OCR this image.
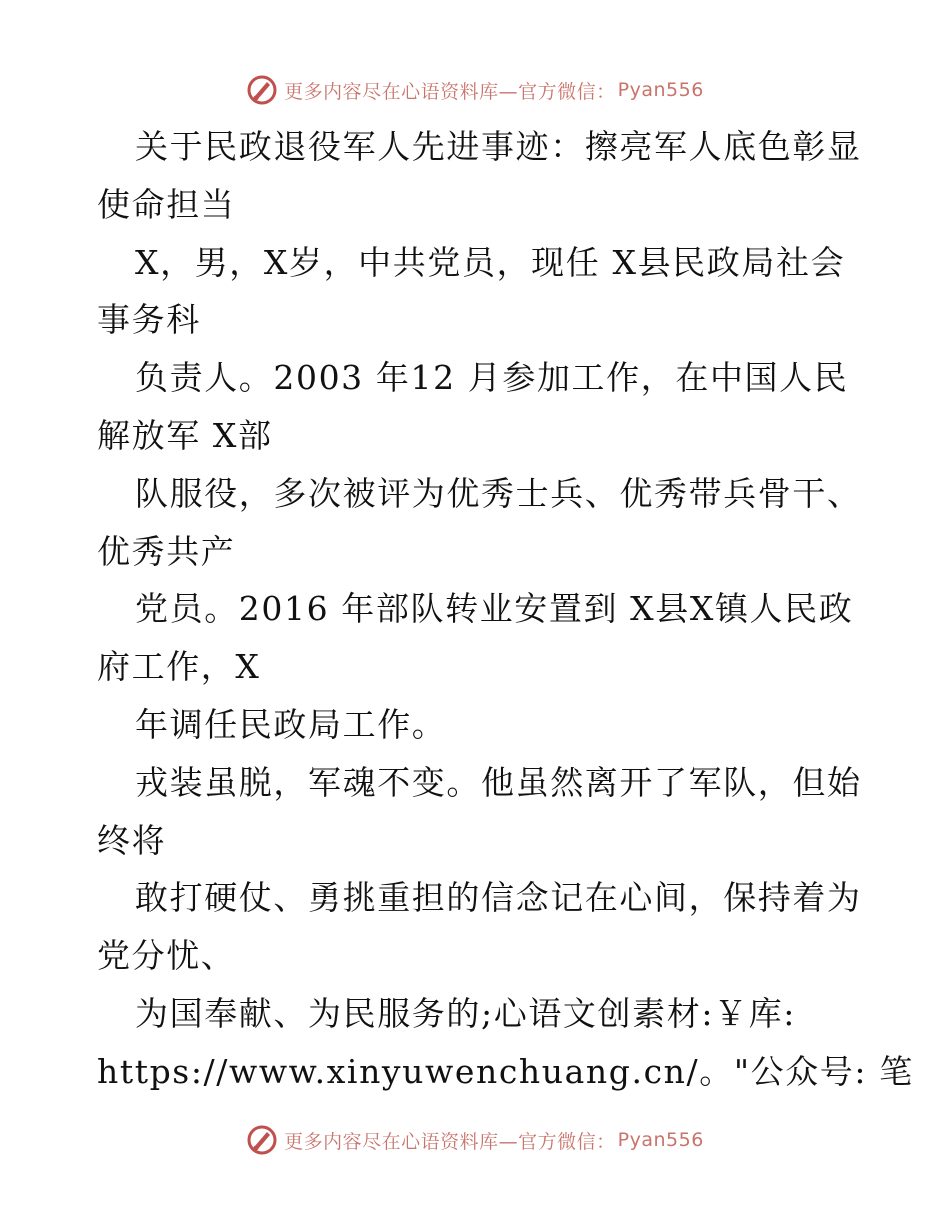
更多内容尽在心语资料库—官方微信： Pyan556
关于民政退役军人先进事迹：擦亮军人底色彰显
使命担当
X，男，X岁，中共党员，现任 X县民政局社会
事务科
负责人。2003 年12 月参加工作，在中国人民
解放军 X部
队服役，多次被评为优秀士兵、优秀带兵骨干、
优秀共产
党员。2016 年部队转业安置到 X县X镇人民政
府工作，X
年调任民政局工作。
戎装虽脱，军魂不变。他虽然离开了军队，但始
终将
敢打硬仗、勇挑重担的信念记在心间，保持着为
党分忧、
为国奉献、为民服务的;心语文创素材:￥库:
https://www.xinyuwenchuang.cn/。"公众号: 笔
更多内容尽在心语资料库—官方微信： Pyan556
